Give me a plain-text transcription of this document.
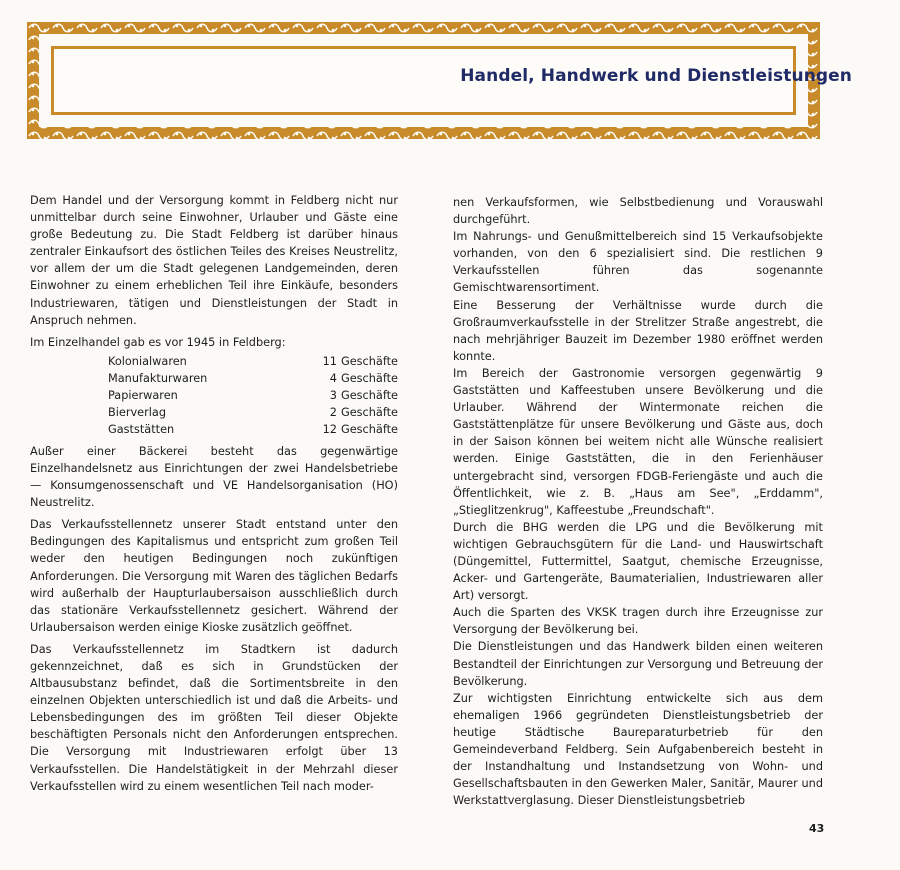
Handel, Handwerk und Dienstleistungen

Dem Handel und der Versorgung kommt in Feldberg nicht nur unmittelbar durch seine Einwohner, Urlauber und Gäste eine große Bedeutung zu. Die Stadt Feldberg ist darüber hinaus zentraler Einkaufsort des östlichen Teiles des Kreises Neustrelitz, vor allem der um die Stadt gelegenen Landgemeinden, deren Einwohner zu einem erheblichen Teil ihre Einkäufe, besonders Industriewaren, tätigen und Dienstleistungen der Stadt in Anspruch nehmen.

Im Einzelhandel gab es vor 1945 in Feldberg:

Kolonialwaren	11	Geschäfte
Manufakturwaren	4	Geschäfte
Papierwaren	3	Geschäfte
Bierverlag	2	Geschäfte
Gaststätten	12	Geschäfte

Außer einer Bäckerei besteht das gegenwärtige Einzelhandelsnetz aus Einrichtungen der zwei Handelsbetriebe — Konsumgenossenschaft und VE Handelsorganisation (HO) Neustrelitz.

Das Verkaufsstellennetz unserer Stadt entstand unter den Bedingungen des Kapitalismus und entspricht zum großen Teil weder den heutigen Bedingungen noch zukünftigen Anforderungen. Die Versorgung mit Waren des täglichen Bedarfs wird außerhalb der Haupturlaubersaison ausschließlich durch das stationäre Verkaufsstellennetz gesichert. Während der Urlaubersaison werden einige Kioske zusätzlich geöffnet.

Das Verkaufsstellennetz im Stadtkern ist dadurch gekennzeichnet, daß es sich in Grundstücken der Altbausubstanz befindet, daß die Sortimentsbreite in den einzelnen Objekten unterschiedlich ist und daß die Arbeits- und Lebensbedingungen des im größten Teil dieser Objekte beschäftigten Personals nicht den Anforderungen entsprechen. Die Versorgung mit Industriewaren erfolgt über 13 Verkaufsstellen. Die Handelstätigkeit in der Mehrzahl dieser Verkaufsstellen wird zu einem wesentlichen Teil nach moder-

nen Verkaufsformen, wie Selbstbedienung und Vorauswahl durchgeführt.

Im Nahrungs- und Genußmittelbereich sind 15 Verkaufsobjekte vorhanden, von den 6 spezialisiert sind. Die restlichen 9 Verkaufsstellen führen das sogenannte Gemischtwarensortiment.

Eine Besserung der Verhältnisse wurde durch die Großraumverkaufsstelle in der Strelitzer Straße angestrebt, die nach mehrjähriger Bauzeit im Dezember 1980 eröffnet werden konnte.

Im Bereich der Gastronomie versorgen gegenwärtig 9 Gaststätten und Kaffeestuben unsere Bevölkerung und die Urlauber. Während der Wintermonate reichen die Gaststättenplätze für unsere Bevölkerung und Gäste aus, doch in der Saison können bei weitem nicht alle Wünsche realisiert werden. Einige Gaststätten, die in den Ferienhäuser untergebracht sind, versorgen FDGB-Feriengäste und auch die Öffentlichkeit, wie z. B. „Haus am See", „Erddamm", „Stieglitzenkrug", Kaffeestube „Freundschaft".

Durch die BHG werden die LPG und die Bevölkerung mit wichtigen Gebrauchsgütern für die Land- und Hauswirtschaft (Düngemittel, Futtermittel, Saatgut, chemische Erzeugnisse, Acker- und Gartengeräte, Baumaterialien, Industriewaren aller Art) versorgt.

Auch die Sparten des VKSK tragen durch ihre Erzeugnisse zur Versorgung der Bevölkerung bei.

Die Dienstleistungen und das Handwerk bilden einen weiteren Bestandteil der Einrichtungen zur Versorgung und Betreuung der Bevölkerung.

Zur wichtigsten Einrichtung entwickelte sich aus dem ehemaligen 1966 gegründeten Dienstleistungsbetrieb der heutige Städtische Baureparaturbetrieb für den Gemeindeverband Feldberg. Sein Aufgabenbereich besteht in der Instandhaltung und Instandsetzung von Wohn- und Gesellschaftsbauten in den Gewerken Maler, Sanitär, Maurer und Werkstattverglasung. Dieser Dienstleistungsbetrieb

43
